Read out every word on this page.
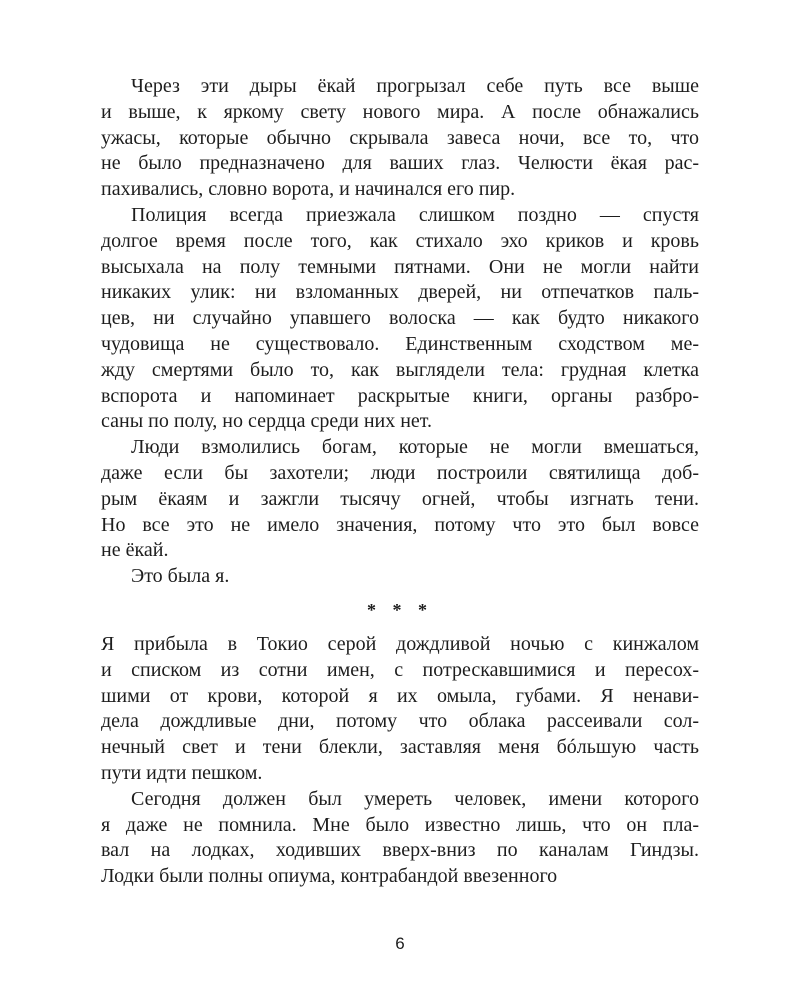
Через эти дыры ёкай прогрызал себе путь все выше
и выше, к яркому свету нового мира. А после обнажались
ужасы, которые обычно скрывала завеса ночи, все то, что
не было предназначено для ваших глаз. Челюсти ёкая рас-
пахивались, словно ворота, и начинался его пир.
Полиция всегда приезжала слишком поздно — спустя
долгое время после того, как стихало эхо криков и кровь
высыхала на полу темными пятнами. Они не могли найти
никаких улик: ни взломанных дверей, ни отпечатков паль-
цев, ни случайно упавшего волоска — как будто никакого
чудовища не существовало. Единственным сходством ме-
жду смертями было то, как выглядели тела: грудная клетка
вспорота и напоминает раскрытые книги, органы разбро-
саны по полу, но сердца среди них нет.
Люди взмолились богам, которые не могли вмешаться,
даже если бы захотели; люди построили святилища доб-
рым ёкаям и зажгли тысячу огней, чтобы изгнать тени.
Но все это не имело значения, потому что это был вовсе
не ёкай.
Это была я.
* * *
Я прибыла в Токио серой дождливой ночью с кинжалом
и списком из сотни имен, с потрескавшимися и пересох-
шими от крови, которой я их омыла, губами. Я ненави-
дела дождливые дни, потому что облака рассеивали сол-
нечный свет и тени блекли, заставляя меня бóльшую часть
пути идти пешком.
Сегодня должен был умереть человек, имени которого
я даже не помнила. Мне было известно лишь, что он пла-
вал на лодках, ходивших вверх-вниз по каналам Гиндзы.
Лодки были полны опиума, контрабандой ввезенного
6
